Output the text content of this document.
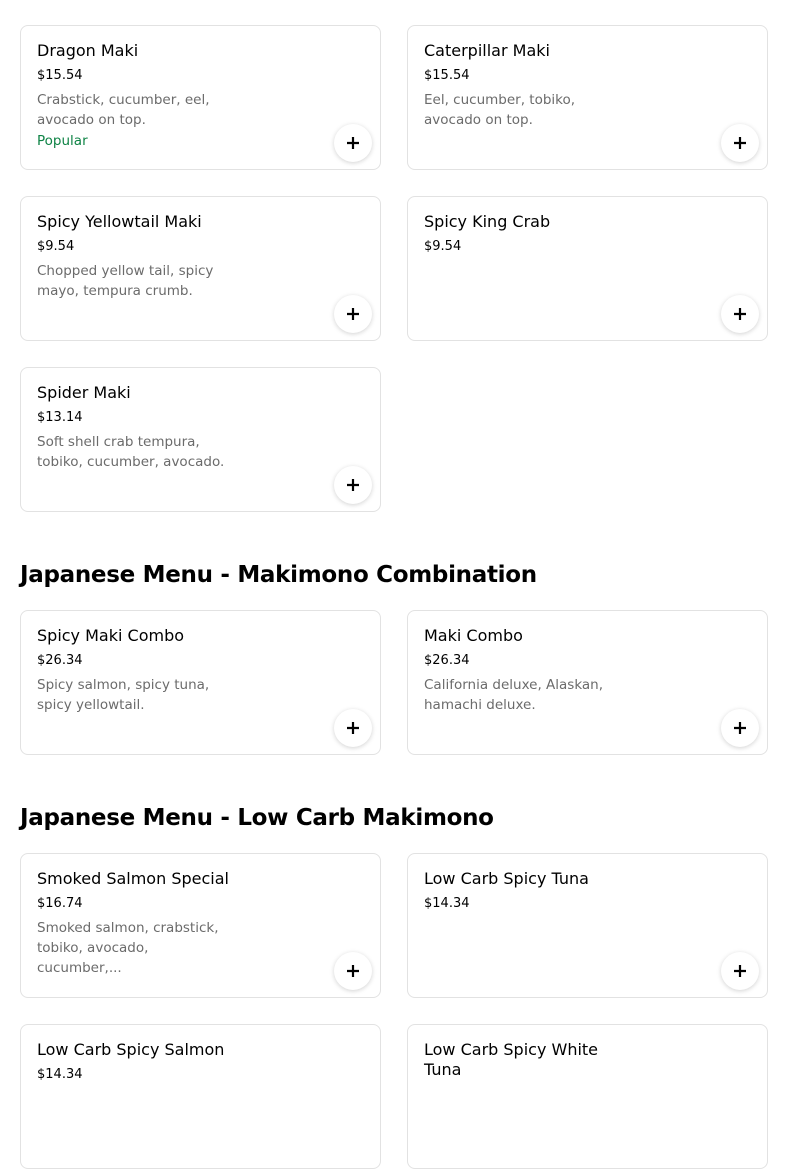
Dragon Maki
$15.54
Crabstick, cucumber, eel, avocado on top.
Popular
Caterpillar Maki
$15.54
Eel, cucumber, tobiko, avocado on top.
Spicy Yellowtail Maki
$9.54
Chopped yellow tail, spicy mayo, tempura crumb.
Spicy King Crab
$9.54
Spider Maki
$13.14
Soft shell crab tempura, tobiko, cucumber, avocado.
Japanese Menu - Makimono Combination
Spicy Maki Combo
$26.34
Spicy salmon, spicy tuna, spicy yellowtail.
Maki Combo
$26.34
California deluxe, Alaskan, hamachi deluxe.
Japanese Menu - Low Carb Makimono
Smoked Salmon Special
$16.74
Smoked salmon, crabstick, tobiko, avocado, cucumber,...
Low Carb Spicy Tuna
$14.34
Low Carb Spicy Salmon
$14.34
Low Carb Spicy White Tuna
